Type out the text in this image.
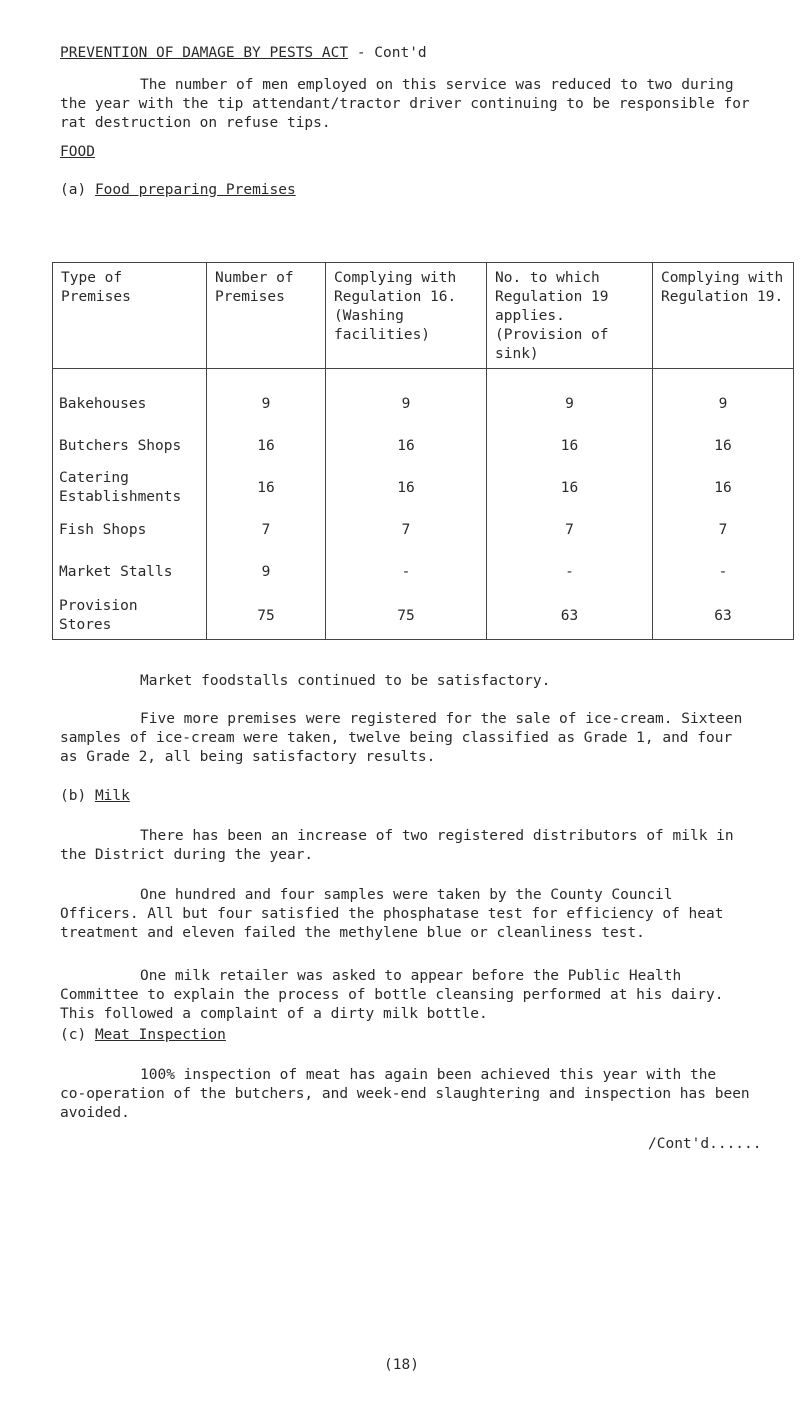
PREVENTION OF DAMAGE BY PESTS ACT - Cont'd

The number of men employed on this service was reduced to two during the year with the tip attendant/tractor driver continuing to be responsible for rat destruction on refuse tips.

FOOD
(a) Food preparing Premises
Type of Premises	Number of Premises	Complying with Regulation 16. (Washing facilities)	No. to which Regulation 19 applies. (Provision of sink)	Complying with Regulation 19.

Bakehouses	9	9	9	9
Butchers Shops	16	16	16	16

Catering
Establishments	16	16	16	16
Fish Shops	7	7	7	7
Market Stalls	9	-	-	-

Provision
Stores	75	75	63	63

Market foodstalls continued to be satisfactory.

Five more premises were registered for the sale of ice-cream. Sixteen samples of ice-cream were taken, twelve being classified as Grade 1, and four as Grade 2, all being satisfactory results.

(b) Milk

There has been an increase of two registered distributors of milk in the District during the year.

One hundred and four samples were taken by the County Council Officers. All but four satisfied the phosphatase test for efficiency of heat treatment and eleven failed the methylene blue or cleanliness test.

One milk retailer was asked to appear before the Public Health Committee to explain the process of bottle cleansing performed at his dairy. This followed a complaint of a dirty milk bottle.

(c) Meat Inspection

100% inspection of meat has again been achieved this year with the co-operation of the butchers, and week-end slaughtering and inspection has been avoided.

/Cont'd......
(18)
